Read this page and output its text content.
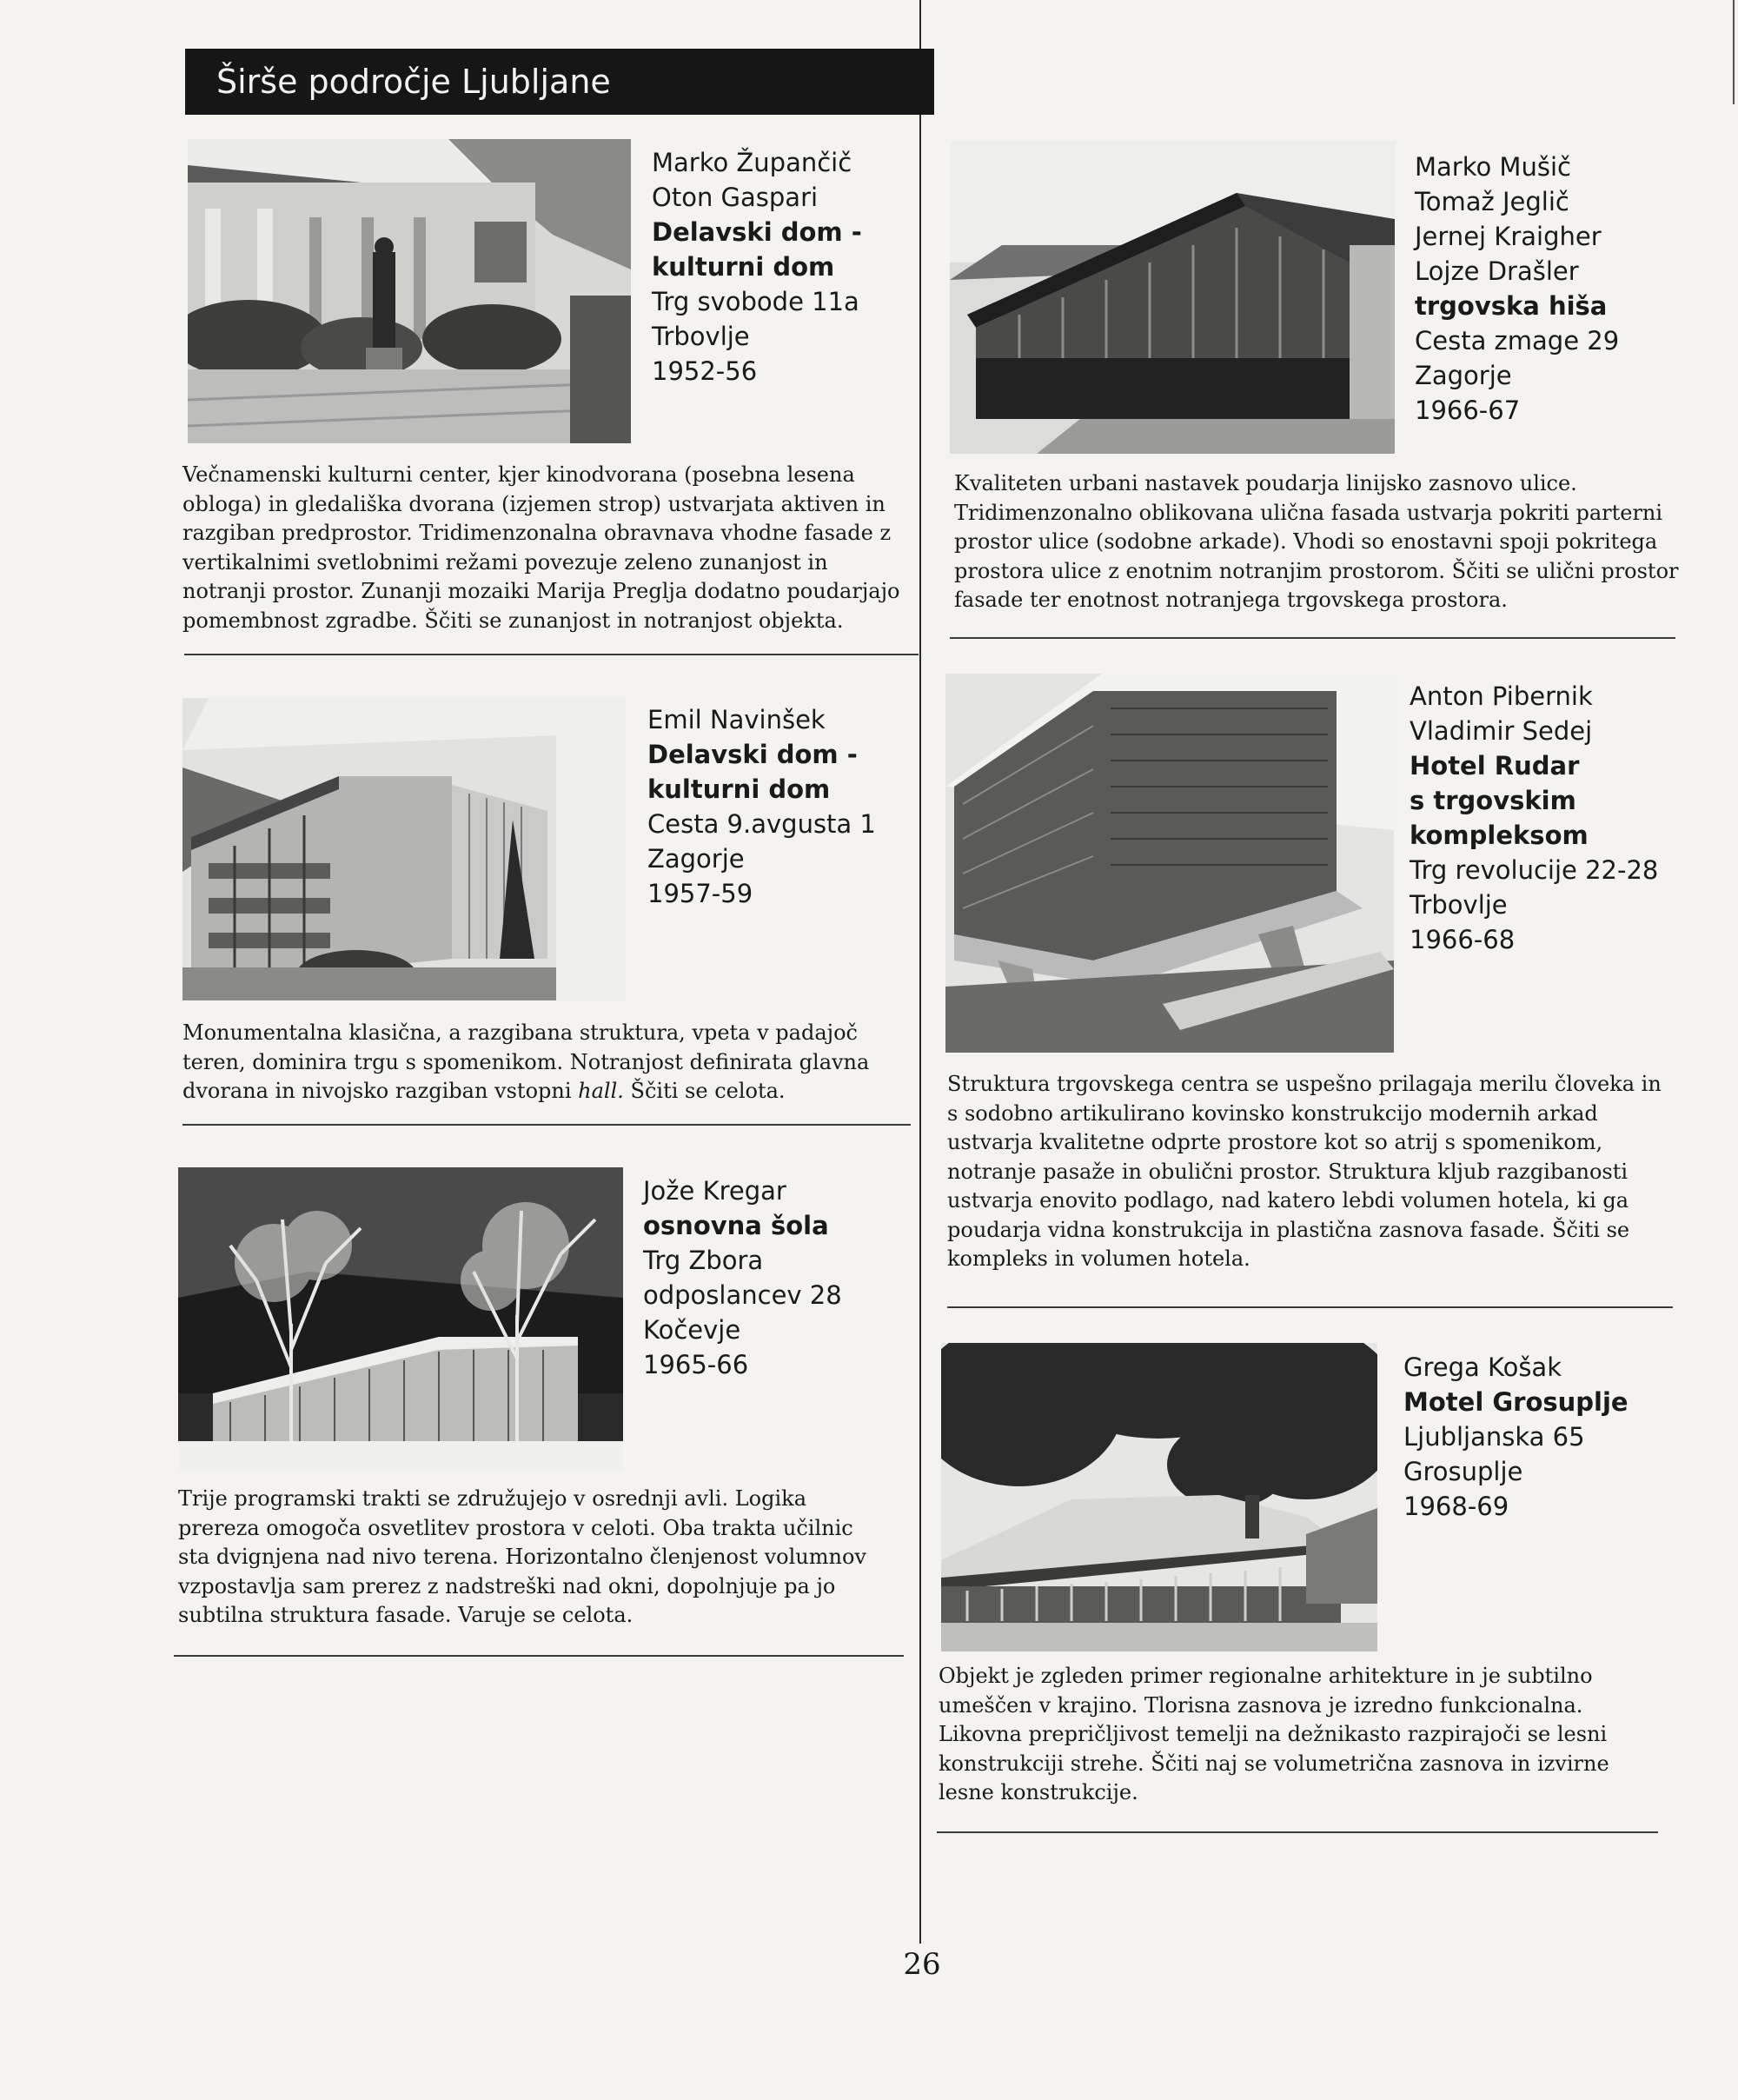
Širše področje Ljubljane
Marko Župančič
Oton Gaspari
Delavski dom -
kulturni dom
Trg svobode 11a
Trbovlje
1952-56

Večnamenski kulturni center, kjer kinodvorana (posebna lesena obloga) in gledališka dvorana (izjemen strop) ustvarjata aktiven in razgiban predprostor. Tridimenzonalna obravnava vhodne fasade z vertikalnimi svetlobnimi režami povezuje zeleno zunanjost in notranji prostor. Zunanji mozaiki Marija Preglja dodatno poudarjajo pomembnost zgradbe. Ščiti se zunanjost in notranjost objekta.

Marko Mušič
Tomaž Jeglič
Jernej Kraigher
Lojze Drašler
trgovska hiša
Cesta zmage 29
Zagorje
1966-67

Kvaliteten urbani nastavek poudarja linijsko zasnovo ulice. Tridimenzonalno oblikovana ulična fasada ustvarja pokriti parterni prostor ulice (sodobne arkade). Vhodi so enostavni spoji pokritega prostora ulice z enotnim notranjim prostorom. Ščiti se ulični prostor fasade ter enotnost notranjega trgovskega prostora.

Emil Navinšek
Delavski dom -
kulturni dom
Cesta 9.avgusta 1
Zagorje
1957-59

Monumentalna klasična, a razgibana struktura, vpeta v padajoč teren, dominira trgu s spomenikom. Notranjost definirata glavna dvorana in nivojsko razgiban vstopni hall. Ščiti se celota.

Anton Pibernik
Vladimir Sedej
Hotel Rudar
s trgovskim
kompleksom
Trg revolucije 22-28
Trbovlje
1966-68

Struktura trgovskega centra se uspešno prilagaja merilu človeka in s sodobno artikulirano kovinsko konstrukcijo modernih arkad ustvarja kvalitetne odprte prostore kot so atrij s spomenikom, notranje pasaže in obulični prostor. Struktura kljub razgibanosti ustvarja enovito podlago, nad katero lebdi volumen hotela, ki ga poudarja vidna konstrukcija in plastična zasnova fasade. Ščiti se kompleks in volumen hotela.

Jože Kregar
osnovna šola
Trg Zbora
odposlancev 28
Kočevje
1965-66

Trije programski trakti se združujejo v osrednji avli. Logika prereza omogoča osvetlitev prostora v celoti. Oba trakta učilnic sta dvignjena nad nivo terena. Horizontalno členjenost volumnov vzpostavlja sam prerez z nadstreški nad okni, dopolnjuje pa jo subtilna struktura fasade. Varuje se celota.

Grega Košak
Motel Grosuplje
Ljubljanska 65
Grosuplje
1968-69

Objekt je zgleden primer regionalne arhitekture in je subtilno umeščen v krajino. Tlorisna zasnova je izredno funkcionalna. Likovna prepričljivost temelji na dežnikasto razpirajoči se lesni konstrukciji strehe. Ščiti naj se volumetrična zasnova in izvirne lesne konstrukcije.

26
